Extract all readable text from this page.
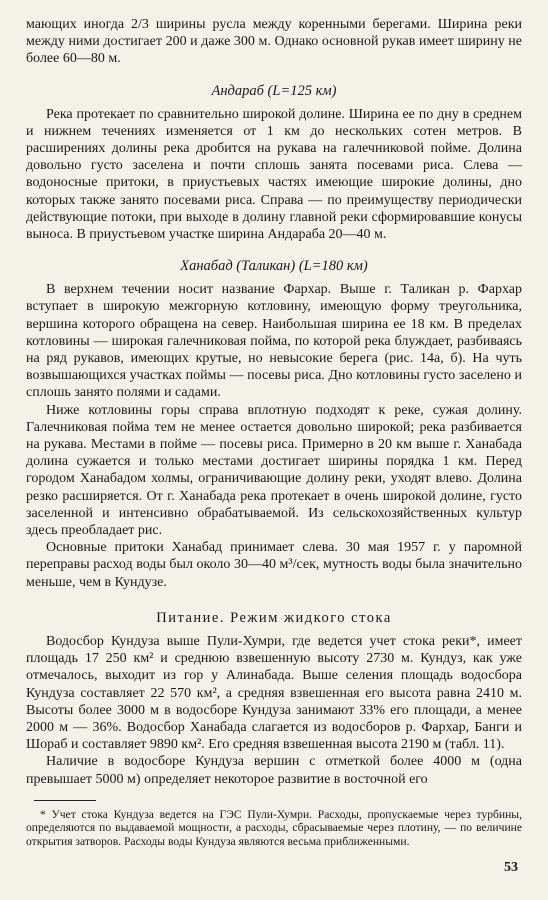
мающих иногда 2/3 ширины русла между коренными берегами. Ширина реки между ними достигает 200 и даже 300 м. Однако основной рукав имеет ширину не более 60—80 м.

Андараб (L=125 км)

Река протекает по сравнительно широкой долине. Ширина ее по дну в среднем и нижнем течениях изменяется от 1 км до нескольких сотен метров. В расширениях долины река дробится на рукава на галечниковой пойме. Долина довольно густо заселена и почти сплошь занята посевами риса. Слева — водоносные притоки, в приустьевых частях имеющие широкие долины, дно которых также занято посевами риса. Справа — по преимуществу периодически действующие потоки, при выходе в долину главной реки сформировавшие конусы выноса. В приустьевом участке ширина Андараба 20—40 м.

Ханабад (Таликан) (L=180 км)

В верхнем течении носит название Фархар. Выше г. Таликан р. Фархар вступает в широкую межгорную котловину, имеющую форму треугольника, вершина которого обращена на север. Наибольшая ширина ее 18 км. В пределах котловины — широкая галечниковая пойма, по которой река блуждает, разбиваясь на ряд рукавов, имеющих крутые, но невысокие берега (рис. 14а, б). На чуть возвышающихся участках поймы — посевы риса. Дно котловины густо заселено и сплошь занято полями и садами.

Ниже котловины горы справа вплотную подходят к реке, сужая долину. Галечниковая пойма тем не менее остается довольно широкой; река разбивается на рукава. Местами в пойме — посевы риса. Примерно в 20 км выше г. Ханабада долина сужается и только местами достигает ширины порядка 1 км. Перед городом Ханабадом холмы, ограничивающие долину реки, уходят влево. Долина резко расширяется. От г. Ханабада река протекает в очень широкой долине, густо заселенной и интенсивно обрабатываемой. Из сельскохозяйственных культур здесь преобладает рис.

Основные притоки Ханабад принимает слева. 30 мая 1957 г. у паромной переправы расход воды был около 30—40 м³/сек, мутность воды была значительно меньше, чем в Кундузе.

Питание. Режим жидкого стока

Водосбор Кундуза выше Пули-Хумри, где ведется учет стока реки*, имеет площадь 17 250 км² и среднюю взвешенную высоту 2730 м. Кундуз, как уже отмечалось, выходит из гор у Алинабада. Выше селения площадь водосбора Кундуза составляет 22 570 км², а средняя взвешенная его высота равна 2410 м. Высоты более 3000 м в водосборе Кундуза занимают 33% его площади, а менее 2000 м — 36%. Водосбор Ханабада слагается из водосборов р. Фархар, Банги и Шораб и составляет 9890 км². Его средняя взвешенная высота 2190 м (табл. 11).

Наличие в водосборе Кундуза вершин с отметкой более 4000 м (одна превышает 5000 м) определяет некоторое развитие в восточной его

* Учет стока Кундуза ведется на ГЭС Пули-Хумри. Расходы, пропускаемые через турбины, определяются по выдаваемой мощности, а расходы, сбрасываемые через плотину, — по величине открытия затворов. Расходы воды Кундуза являются весьма приближенными.

53
